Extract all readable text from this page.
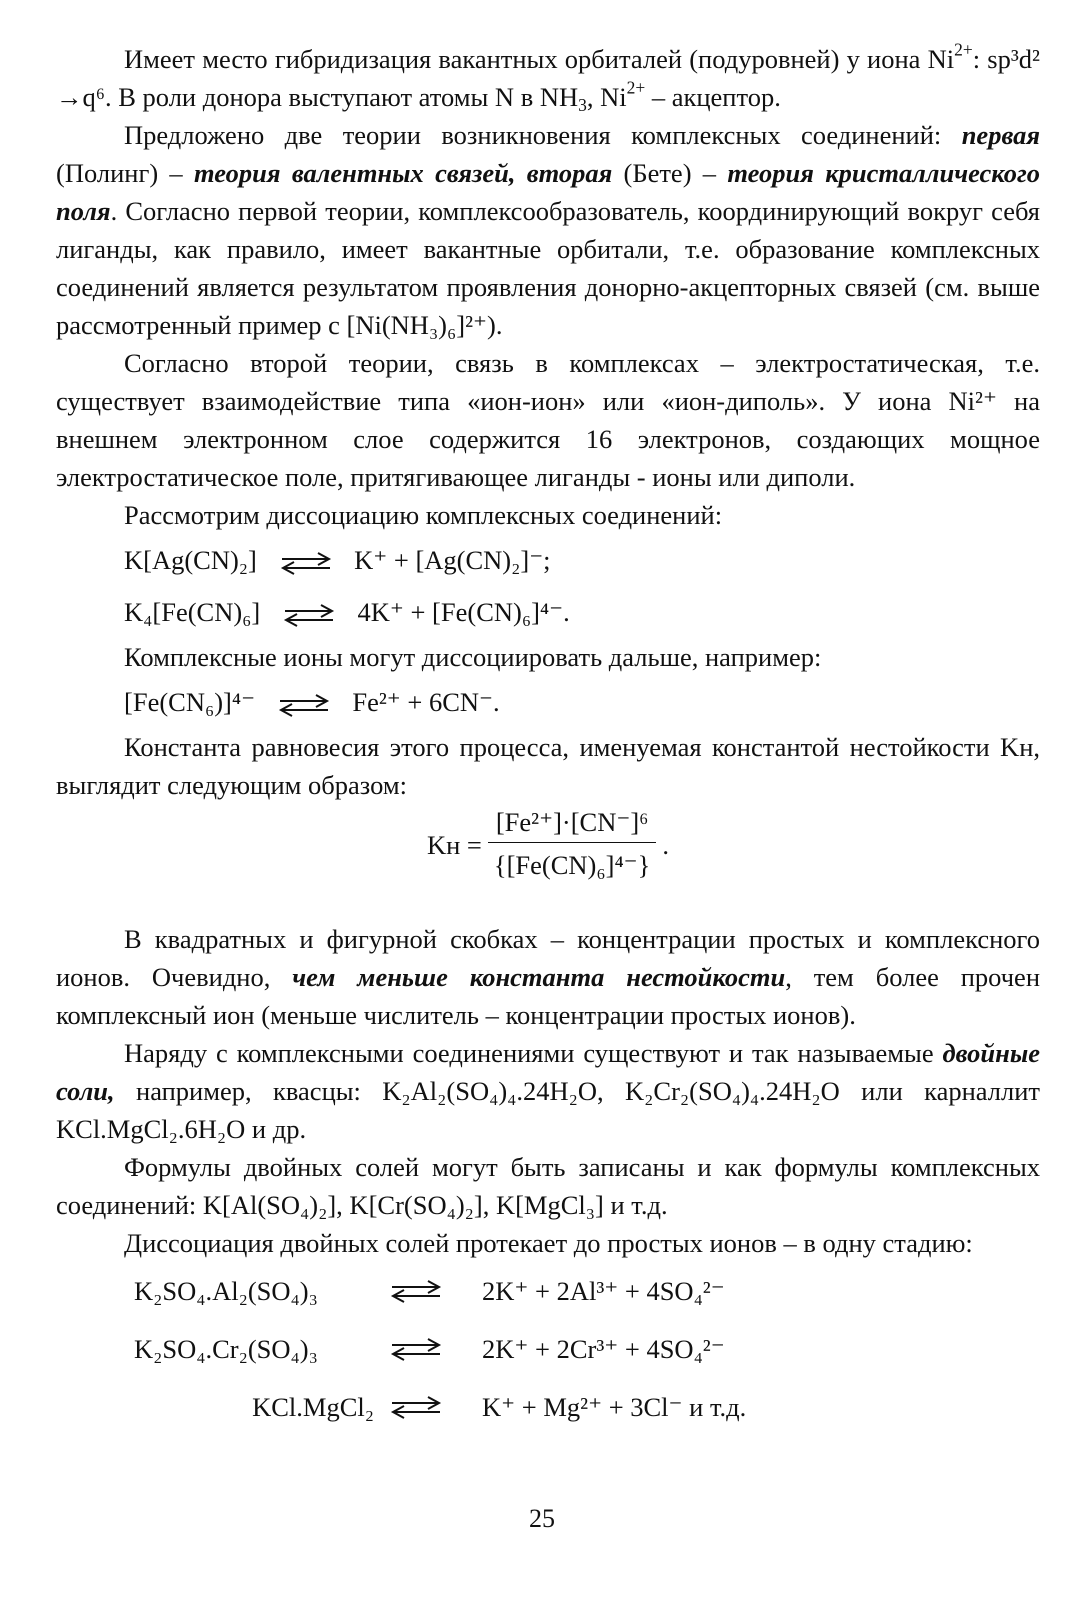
Имеет место гибридизация вакантных орбиталей (подуровней) у иона $Ni^{2+}$: sp³d² →q⁶. В роли донора выступают атомы N в $NH_3$, $Ni^{2+}$ – акцептор.

Предложено две теории возникновения комплексных соединений: первая (Полинг) – теория валентных связей, вторая (Бете) – теория кристаллического поля. Согласно первой теории, комплексообразователь, координирующий вокруг себя лиганды, как правило, имеет вакантные орбитали, т.е. образование комплексных соединений является результатом проявления донорно-акцепторных связей (см. выше рассмотренный пример с [Ni(NH₃)₆]²⁺).

Согласно второй теории, связь в комплексах – электростатическая, т.е. существует взаимодействие типа «ион-ион» или «ион-диполь». У иона Ni²⁺ на внешнем электронном слое содержится 16 электронов, создающих мощное электростатическое поле, притягивающее лиганды - ионы или диполи.

Рассмотрим диссоциацию комплексных соединений:

K[Ag(CN)₂] ⇌ K⁺ + [Ag(CN)₂]⁻;
K₄[Fe(CN)₆] ⇌ 4K⁺ + [Fe(CN)₆]⁴⁻.

Комплексные ионы могут диссоциировать дальше, например:

[Fe(CN₆)]⁴⁻ ⇌ Fe²⁺ + 6CN⁻.

Константа равновесия этого процесса, именуемая константой нестойкости Kн, выглядит следующим образом:

Kн = $\frac{\text{[Fe²⁺]·[CN⁻]⁶}}{\text{\{[Fe(CN)₆]⁴⁻\}}}$ .

В квадратных и фигурной скобках – концентрации простых и комплексного ионов. Очевидно, чем меньше константа нестойкости, тем более прочен комплексный ион (меньше числитель – концентрации простых ионов).

Наряду с комплексными соединениями существуют и так называемые двойные соли, например, квасцы: K₂Al₂(SO₄)₄.24H₂O, K₂Cr₂(SO₄)₄.24H₂O или карналлит KCl.MgCl₂.6H₂O и др.

Формулы двойных солей могут быть записаны и как формулы комплексных соединений: K[Al(SO₄)₂], K[Cr(SO₄)₂], K[MgCl₃] и т.д.

Диссоциация двойных солей протекает до простых ионов – в одну стадию:

K₂SO₄.Al₂(SO₄)₃	⇌ 2K⁺ + 2Al³⁺ + 4SO₄²⁻
K₂SO₄.Cr₂(SO₄)₃	⇌ 2K⁺ + 2Cr³⁺ + 4SO₄²⁻
KCl.MgCl₂ ⇌ K⁺ + Mg²⁺ + 3Cl⁻ и т.д.
25
